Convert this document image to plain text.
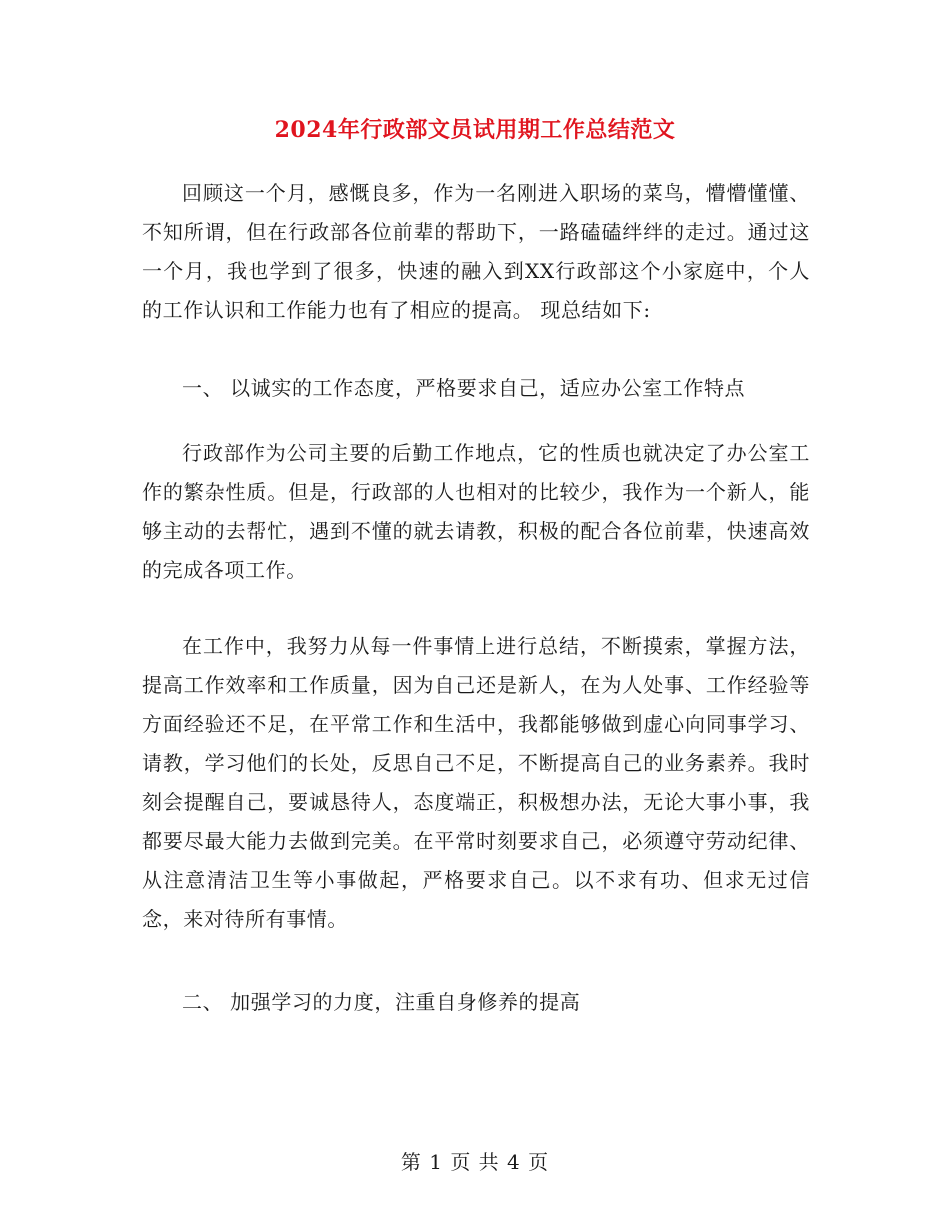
2024年行政部文员试用期工作总结范文

回顾这一个月，感慨良多，作为一名刚进入职场的菜鸟，懵懵懂懂、不知所谓，但在行政部各位前辈的帮助下，一路磕磕绊绊的走过。通过这一个月，我也学到了很多，快速的融入到XX行政部这个小家庭中，个人的工作认识和工作能力也有了相应的提高。 现总结如下:

一、 以诚实的工作态度，严格要求自己，适应办公室工作特点

行政部作为公司主要的后勤工作地点，它的性质也就决定了办公室工作的繁杂性质。但是，行政部的人也相对的比较少，我作为一个新人，能够主动的去帮忙，遇到不懂的就去请教，积极的配合各位前辈，快速高效的完成各项工作。

在工作中，我努力从每一件事情上进行总结，不断摸索，掌握方法，提高工作效率和工作质量，因为自己还是新人，在为人处事、工作经验等方面经验还不足，在平常工作和生活中，我都能够做到虚心向同事学习、请教，学习他们的长处，反思自己不足，不断提高自己的业务素养。我时刻会提醒自己，要诚恳待人，态度端正，积极想办法，无论大事小事，我都要尽最大能力去做到完美。在平常时刻要求自己，必须遵守劳动纪律、从注意清洁卫生等小事做起，严格要求自己。以不求有功、但求无过信念，来对待所有事情。

二、 加强学习的力度，注重自身修养的提高

第 1 页 共 4 页
